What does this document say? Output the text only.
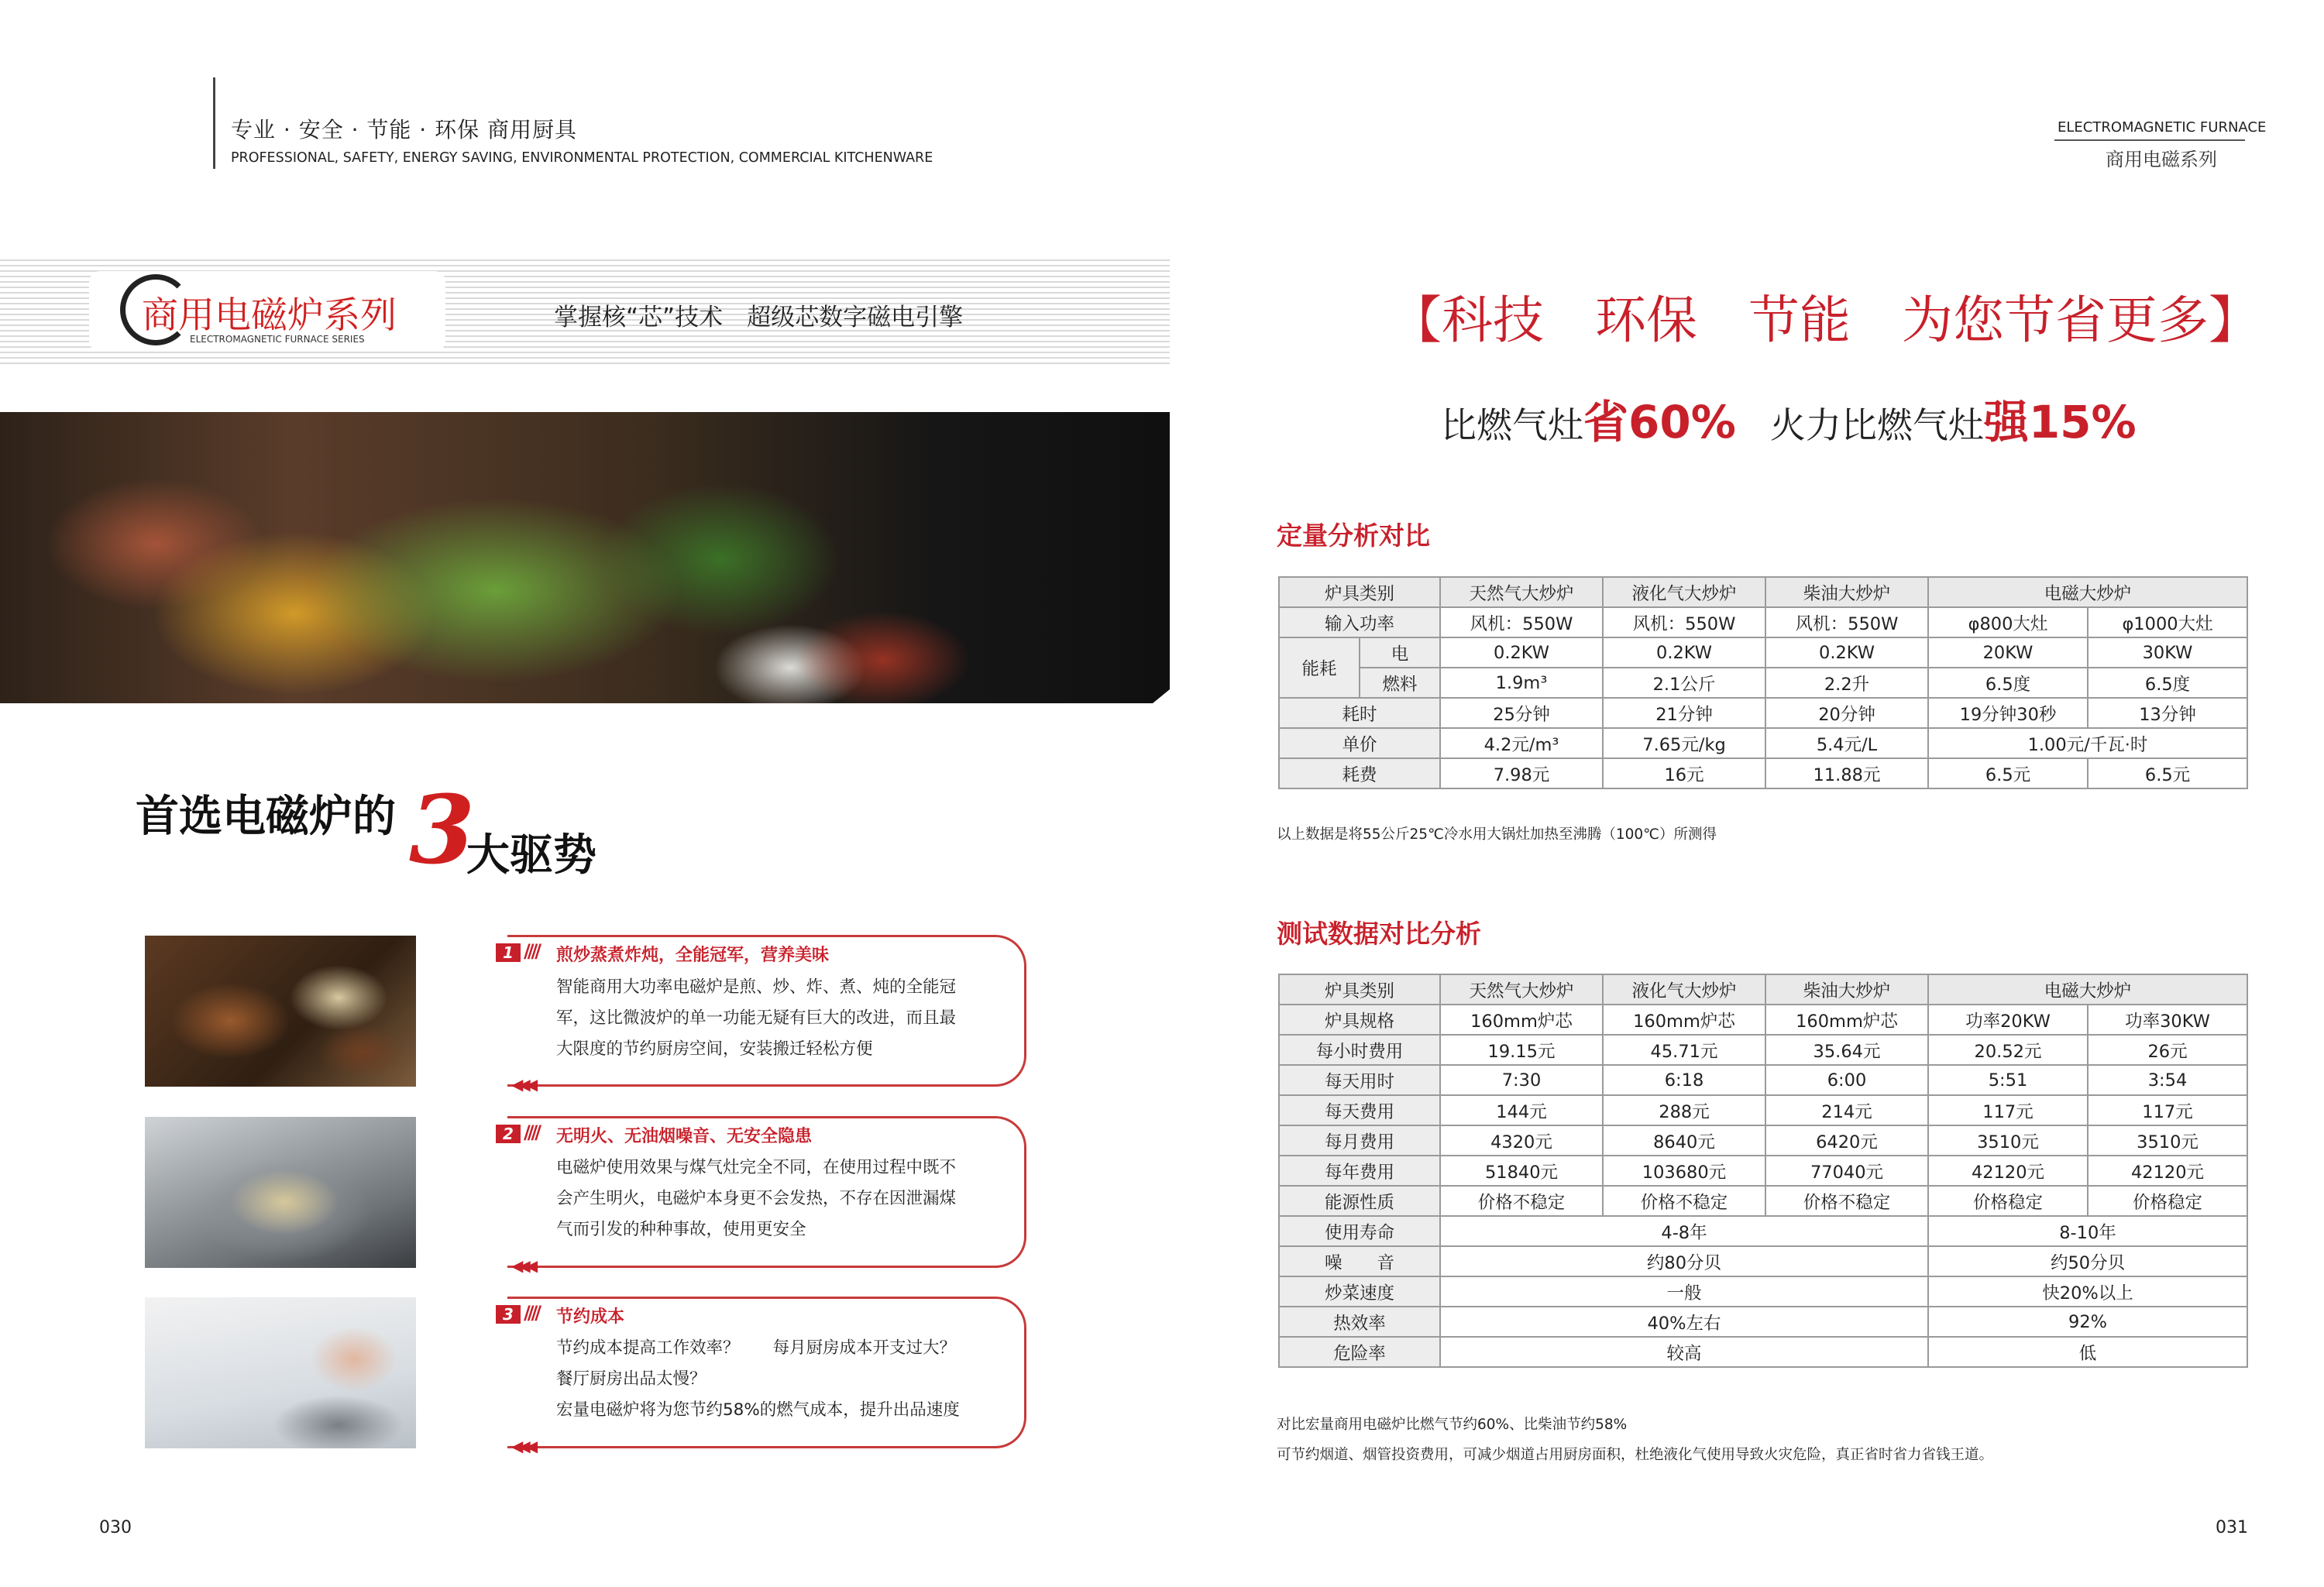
专业 · 安全 · 节能 · 环保 商用厨具
PROFESSIONAL, SAFETY, ENERGY SAVING, ENVIRONMENTAL PROTECTION, COMMERCIAL KITCHENWARE
商用电磁炉系列
ELECTROMAGNETIC FURNACE SERIES
掌握核“芯”技术　超级芯数字磁电引擎
首选电磁炉的 3
大驱势
1 //// 煎炒蒸煮炸炖，全能冠军，营养美味
智能商用大功率电磁炉是煎、炒、炸、煮、炖的全能冠
军，这比微波炉的单一功能无疑有巨大的改进，而且最
大限度的节约厨房空间，安装搬迁轻松方便
◀◀◀
2 //// 无明火、无油烟噪音、无安全隐患
电磁炉使用效果与煤气灶完全不同，在使用过程中既不
会产生明火，电磁炉本身更不会发热，不存在因泄漏煤
气而引发的种种事故，使用更安全
◀◀◀
3 //// 节约成本
节约成本提高工作效率？　　每月厨房成本开支过大？
餐厅厨房出品太慢？
宏量电磁炉将为您节约58%的燃气成本，提升出品速度
◀◀◀
030
ELECTROMAGNETIC FURNACE
商用电磁系列
【科技　环保　节能　为您节省更多】
比燃气灶省60% 火力比燃气灶强15%
定量分析对比
炉具类别		天然气大炒炉	液化气大炒炉	柴油大炒炉	电磁大炒炉	
输入功率		风机：550W	风机：550W	风机：550W	φ800大灶	φ1000大灶
能耗	电	0.2KW	0.2KW	0.2KW	20KW	30KW
	燃料	1.9m³	2.1公斤	2.2升	6.5度	6.5度
耗时		25分钟	21分钟	20分钟	19分钟30秒	13分钟
单价		4.2元/m³	7.65元/kg	5.4元/L	1.00元/千瓦·时	
耗费		7.98元	16元	11.88元	6.5元	6.5元
以上数据是将55公斤25℃冷水用大锅灶加热至沸腾（100℃）所测得
测试数据对比分析
炉具类别	天然气大炒炉	液化气大炒炉	柴油大炒炉	电磁大炒炉	
炉具规格	160mm炉芯	160mm炉芯	160mm炉芯	功率20KW	功率30KW
每小时费用	19.15元	45.71元	35.64元	20.52元	26元
每天用时	7:30	6:18	6:00	5:51	3:54
每天费用	144元	288元	214元	117元	117元
每月费用	4320元	8640元	6420元	3510元	3510元
每年费用	51840元	103680元	77040元	42120元	42120元
能源性质	价格不稳定	价格不稳定	价格不稳定	价格稳定	价格稳定
使用寿命	4-8年			8-10年	
噪　　音	约80分贝			约50分贝	
炒菜速度	一般			快20%以上	
热效率	40%左右			92%	
危险率	较高			低	
对比宏量商用电磁炉比燃气节约60%、比柴油节约58%
可节约烟道、烟管投资费用，可减少烟道占用厨房面积，杜绝液化气使用导致火灾危险，真正省时省力省钱王道。
031
